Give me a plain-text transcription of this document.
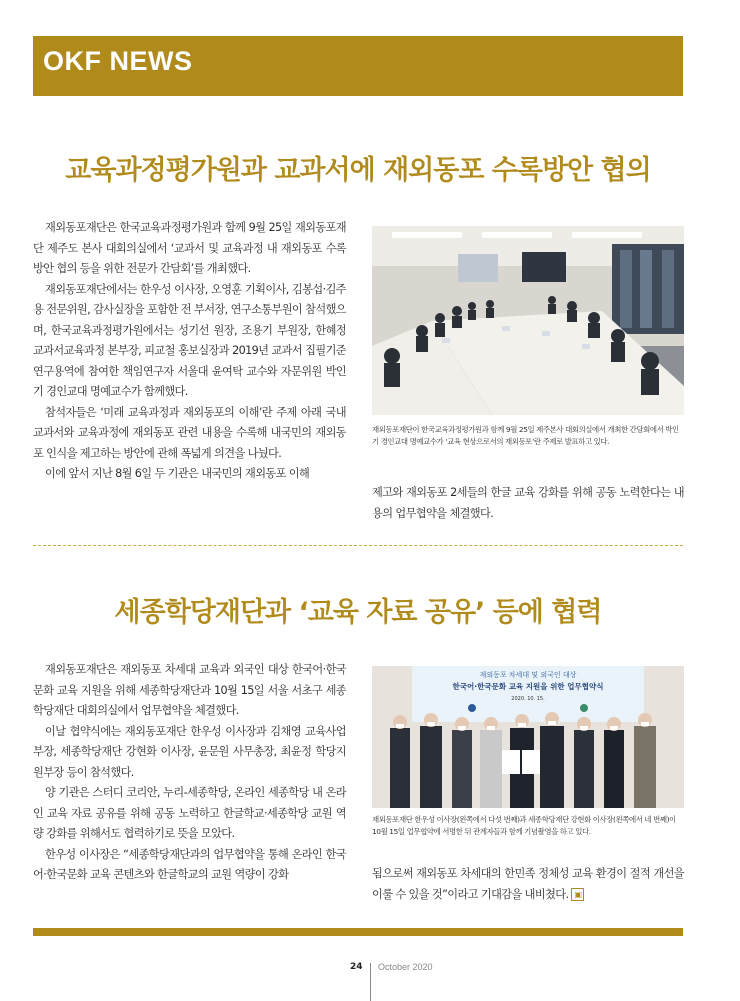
OKF NEWS
교육과정평가원과 교과서에 재외동포 수록방안 협의

재외동포재단은 한국교육과정평가원과 함께 9월 25일 재외동포재단 제주도 본사 대회의실에서 ‘교과서 및 교육과정 내 재외동포 수록방안 협의 등을 위한 전문가 간담회’를 개최했다.

재외동포재단에서는 한우성 이사장, 오영훈 기획이사, 김봉섭·김주용 전문위원, 감사실장을 포함한 전 부서장, 연구소통부원이 참석했으며, 한국교육과정평가원에서는 성기선 원장, 조용기 부원장, 한혜정 교과서교육과정 본부장, 피교철 홍보실장과 2019년 교과서 집필기준 연구용역에 참여한 책임연구자 서울대 윤여탁 교수와 자문위원 박인기 경인교대 명예교수가 함께했다.

참석자들은 ‘미래 교육과정과 재외동포의 이해’란 주제 아래 국내 교과서와 교육과정에 재외동포 관련 내용을 수록해 내국민의 재외동포 인식을 제고하는 방안에 관해 폭넓게 의견을 나눴다.

이에 앞서 지난 8월 6일 두 기관은 내국민의 재외동포 이해

재외동포재단이 한국교육과정평가원과 함께 9월 25일 제주본사 대회의실에서 개최한 간담회에서 박인기 경인교대 명예교수가 ‘교육 현상으로서의 재외동포’란 주제로 발표하고 있다.

제고와 재외동포 2세들의 한글 교육 강화를 위해 공동 노력한다는 내용의 업무협약을 체결했다.

세종학당재단과 ‘교육 자료 공유’ 등에 협력

재외동포재단은 재외동포 차세대 교육과 외국인 대상 한국어·한국문화 교육 지원을 위해 세종학당재단과 10월 15일 서울 서초구 세종학당재단 대회의실에서 업무협약을 체결했다.

이날 협약식에는 재외동포재단 한우성 이사장과 김채영 교육사업부장, 세종학당재단 강현화 이사장, 윤문원 사무총장, 최윤정 학당지원부장 등이 참석했다.

양 기관은 스터디 코리안, 누리-세종학당, 온라인 세종학당 내 온라인 교육 자료 공유를 위해 공동 노력하고 한글학교·세종학당 교원 역량 강화를 위해서도 협력하기로 뜻을 모았다.

한우성 이사장은 “세종학당재단과의 업무협약을 통해 온라인 한국어·한국문화 교육 콘텐츠와 한글학교의 교원 역량이 강화

재외동포 차세대 및 외국인 대상
한국어·한국문화 교육 지원을 위한 업무협약식
2020. 10. 15.
재외동포재단 한우성 이사장(왼쪽에서 다섯 번째)과 세종학당재단 강현화 이사장(왼쪽에서 네 번째)이 10월 15일 업무협약에 서명한 뒤 관계자들과 함께 기념촬영을 하고 있다.

됨으로써 재외동포 차세대의 한민족 정체성 교육 환경이 절적 개선을 이룰 수 있을 것”이라고 기대감을 내비쳤다. ▣

24 October 2020
